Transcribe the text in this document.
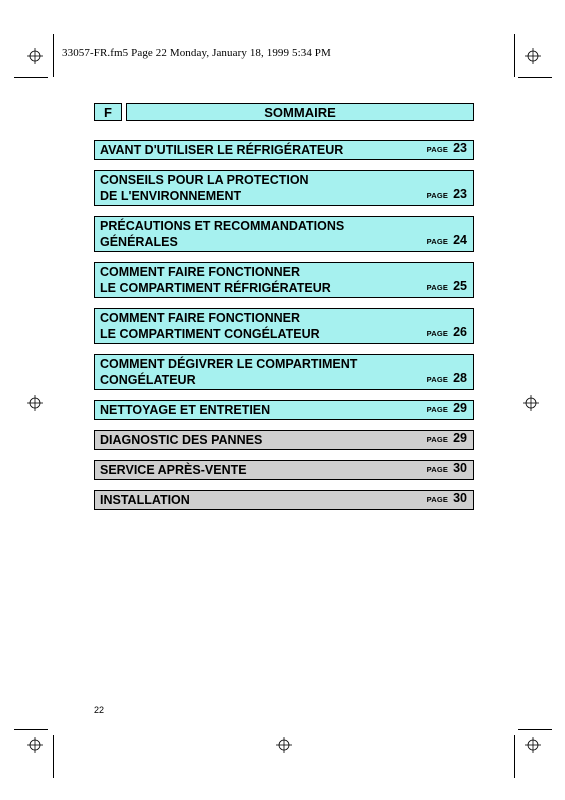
33057-FR.fm5 Page 22 Monday, January 18, 1999 5:34 PM
F	SOMMAIRE
AVANT D'UTILISER LE RÉFRIGÉRATEUR	PAGE 23
CONSEILS POUR LA PROTECTION
DE L'ENVIRONNEMENT	PAGE 23
PRÉCAUTIONS ET RECOMMANDATIONS
GÉNÉRALES	PAGE 24
COMMENT FAIRE FONCTIONNER
LE COMPARTIMENT RÉFRIGÉRATEUR	PAGE 25
COMMENT FAIRE FONCTIONNER
LE COMPARTIMENT CONGÉLATEUR	PAGE 26
COMMENT DÉGIVRER LE COMPARTIMENT
CONGÉLATEUR	PAGE 28
NETTOYAGE ET ENTRETIEN	PAGE 29
DIAGNOSTIC DES PANNES	PAGE 29
SERVICE APRÈS-VENTE	PAGE 30
INSTALLATION	PAGE 30
22
